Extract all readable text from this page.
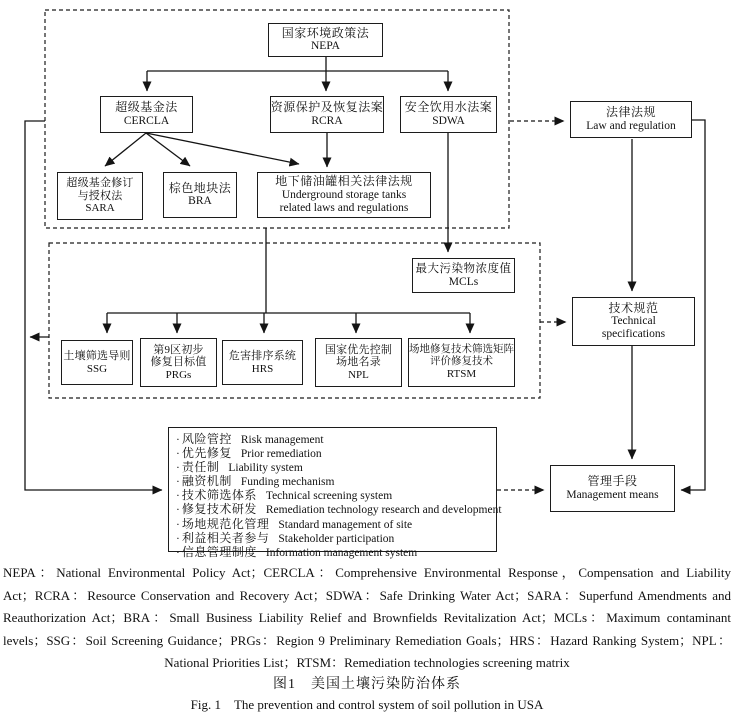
国家环境政策法
NEPA
超级基金法
CERCLA
资源保护及恢复法案
RCRA
安全饮用水法案
SDWA
超级基金修订
与授权法
SARA
棕色地块法
BRA
地下储油罐相关法律法规
Underground storage tanks
related laws and regulations
最大污染物浓度值
MCLs
土壤筛选导则
SSG
第9区初步
修复目标值
PRGs
危害排序系统
HRS
国家优先控制
场地名录
NPL
场地修复技术筛选矩阵
评价修复技术
RTSM
法律法规
Law and regulation
技术规范
Technical
specifications
管理手段
Management means
· 风险管控 Risk management
· 优先修复 Prior remediation
· 责任制 Liability system
· 融资机制 Funding mechanism
· 技术筛选体系 Technical screening system
· 修复技术研发 Remediation technology research and development
· 场地规范化管理 Standard management of site
· 利益相关者参与 Stakeholder participation
· 信息管理制度 Information management system
NEPA：National Environmental Policy Act；CERCLA：Comprehensive Environmental Response，Compensation and Liability
Act；RCRA：Resource Conservation and Recovery Act；SDWA：Safe Drinking Water Act；SARA：Superfund Amendments and
Reauthorization Act；BRA：Small Business Liability Relief and Brownfields Revitalization Act；MCLs：Maximum contaminant
levels；SSG：Soil Screening Guidance；PRGs：Region 9 Preliminary Remediation Goals；HRS：Hazard Ranking System；NPL：
National Priorities List；RTSM：Remediation technologies screening matrix
图1　美国土壤污染防治体系
Fig. 1　The prevention and control system of soil pollution in USA
